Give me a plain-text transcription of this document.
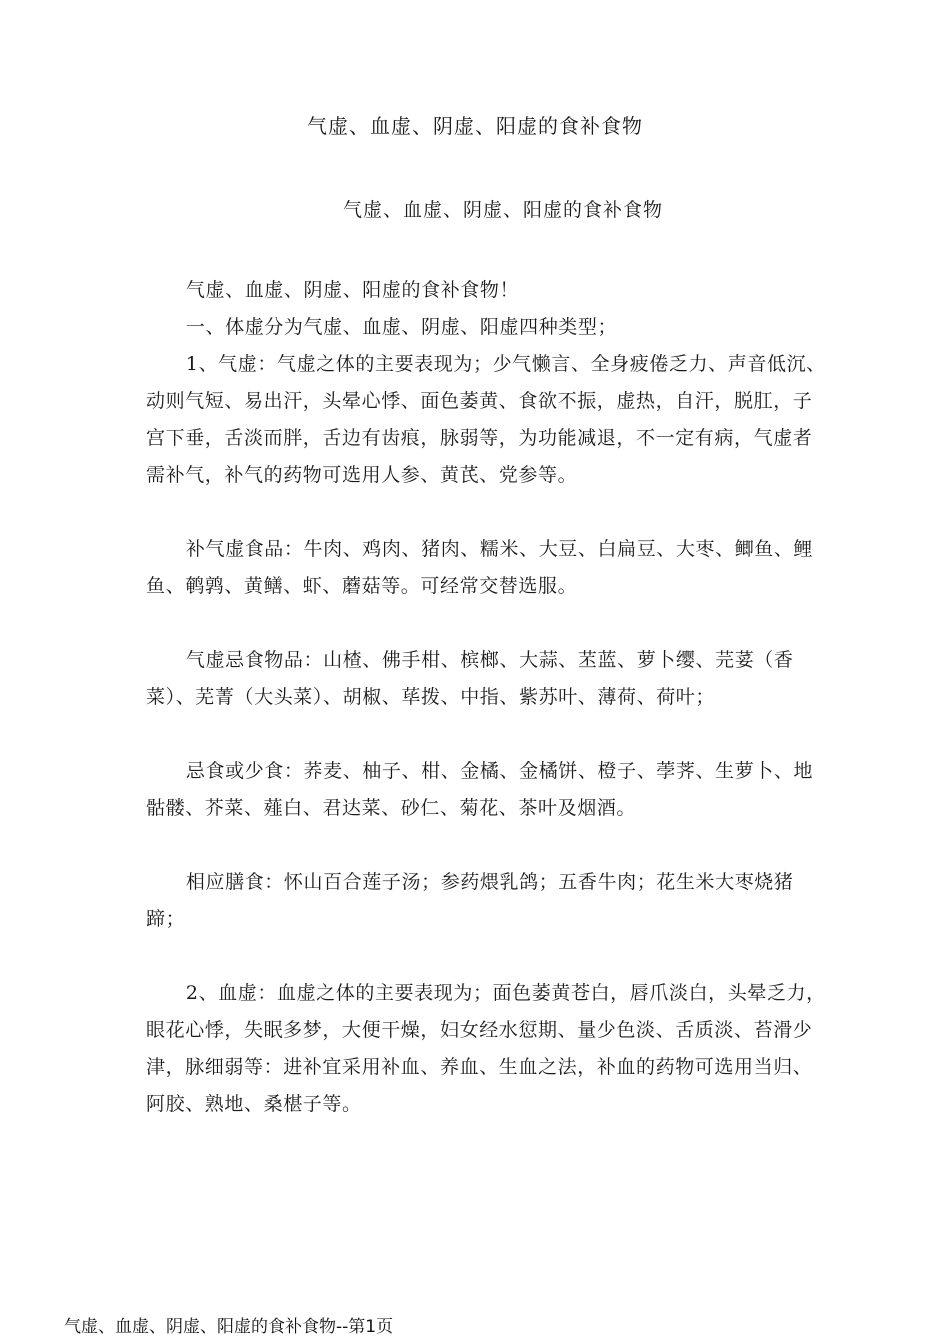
气虚、血虚、阴虚、阳虚的食补食物
气虚、血虚、阴虚、阳虚的食补食物

气虚、血虚、阴虚、阳虚的食补食物！

一、体虚分为气虚、血虚、阴虚、阳虚四种类型；

1、气虚：气虚之体的主要表现为；少气懒言、全身疲倦乏力、声音低沉、动则气短、易出汗，头晕心悸、面色萎黄、食欲不振，虚热，自汗，脱肛，子宫下垂，舌淡而胖，舌边有齿痕，脉弱等，为功能减退，不一定有病，气虚者需补气，补气的药物可选用人参、黄芪、党参等。

补气虚食品：牛肉、鸡肉、猪肉、糯米、大豆、白扁豆、大枣、鲫鱼、鲤鱼、鹌鹑、黄鳝、虾、蘑菇等。可经常交替选服。

气虚忌食物品：山楂、佛手柑、槟榔、大蒜、苤蓝、萝卜缨、芫荽（香菜）、芜菁（大头菜）、胡椒、荜拨、中指、紫苏叶、薄荷、荷叶；

忌食或少食：荞麦、柚子、柑、金橘、金橘饼、橙子、荸荠、生萝卜、地骷髅、芥菜、薤白、君达菜、砂仁、菊花、茶叶及烟酒。

相应膳食：怀山百合莲子汤；参药煨乳鸽；五香牛肉；花生米大枣烧猪蹄；

2、血虚：血虚之体的主要表现为；面色萎黄苍白，唇爪淡白，头晕乏力，眼花心悸，失眠多梦，大便干燥，妇女经水愆期、量少色淡、舌质淡、苔滑少津，脉细弱等：进补宜采用补血、养血、生血之法，补血的药物可选用当归、阿胶、熟地、桑椹子等。

气虚、血虚、阴虚、阳虚的食补食物--第1页
